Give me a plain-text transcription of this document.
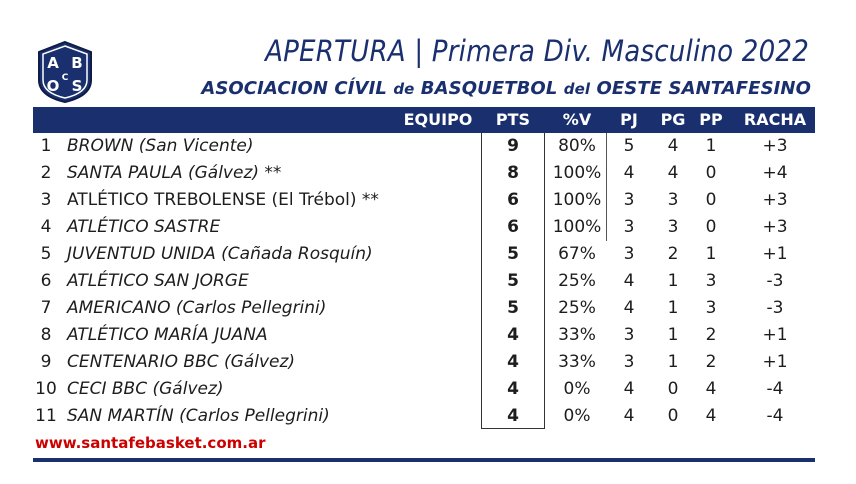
A B
C
O S
APERTURA | Primera Div. Masculino 2022
ASOCIACION CÍVIL de BASQUETBOL del OESTE SANTAFESINO
EQUIPO	PTS	%V	PJ PG PP	RACHA
1 BROWN (San Vicente)	9	80%	5	4	1	+3
2 SANTA PAULA (Gálvez) **	8	100%	4	4	0	+4
3 ATLÉTICO TREBOLENSE (El Trébol) **	6	100%	3	3	0	+3
4 ATLÉTICO SASTRE	6	100%	3	3	0	+3
5 JUVENTUD UNIDA (Cañada Rosquín)	5	67%	3	2	1	+1
6 ATLÉTICO SAN JORGE	5	25%	4	1	3	-3
7 AMERICANO (Carlos Pellegrini)	5	25%	4	1	3	-3
8 ATLÉTICO MARÍA JUANA	4	33%	3	1	2	+1
9 CENTENARIO BBC (Gálvez)	4	33%	3	1	2	+1
10 CECI BBC (Gálvez)	4	0%	4	0	4	-4
11 SAN MARTÍN (Carlos Pellegrini)	4	0%	4	0	4	-4
www.santafebasket.com.ar
